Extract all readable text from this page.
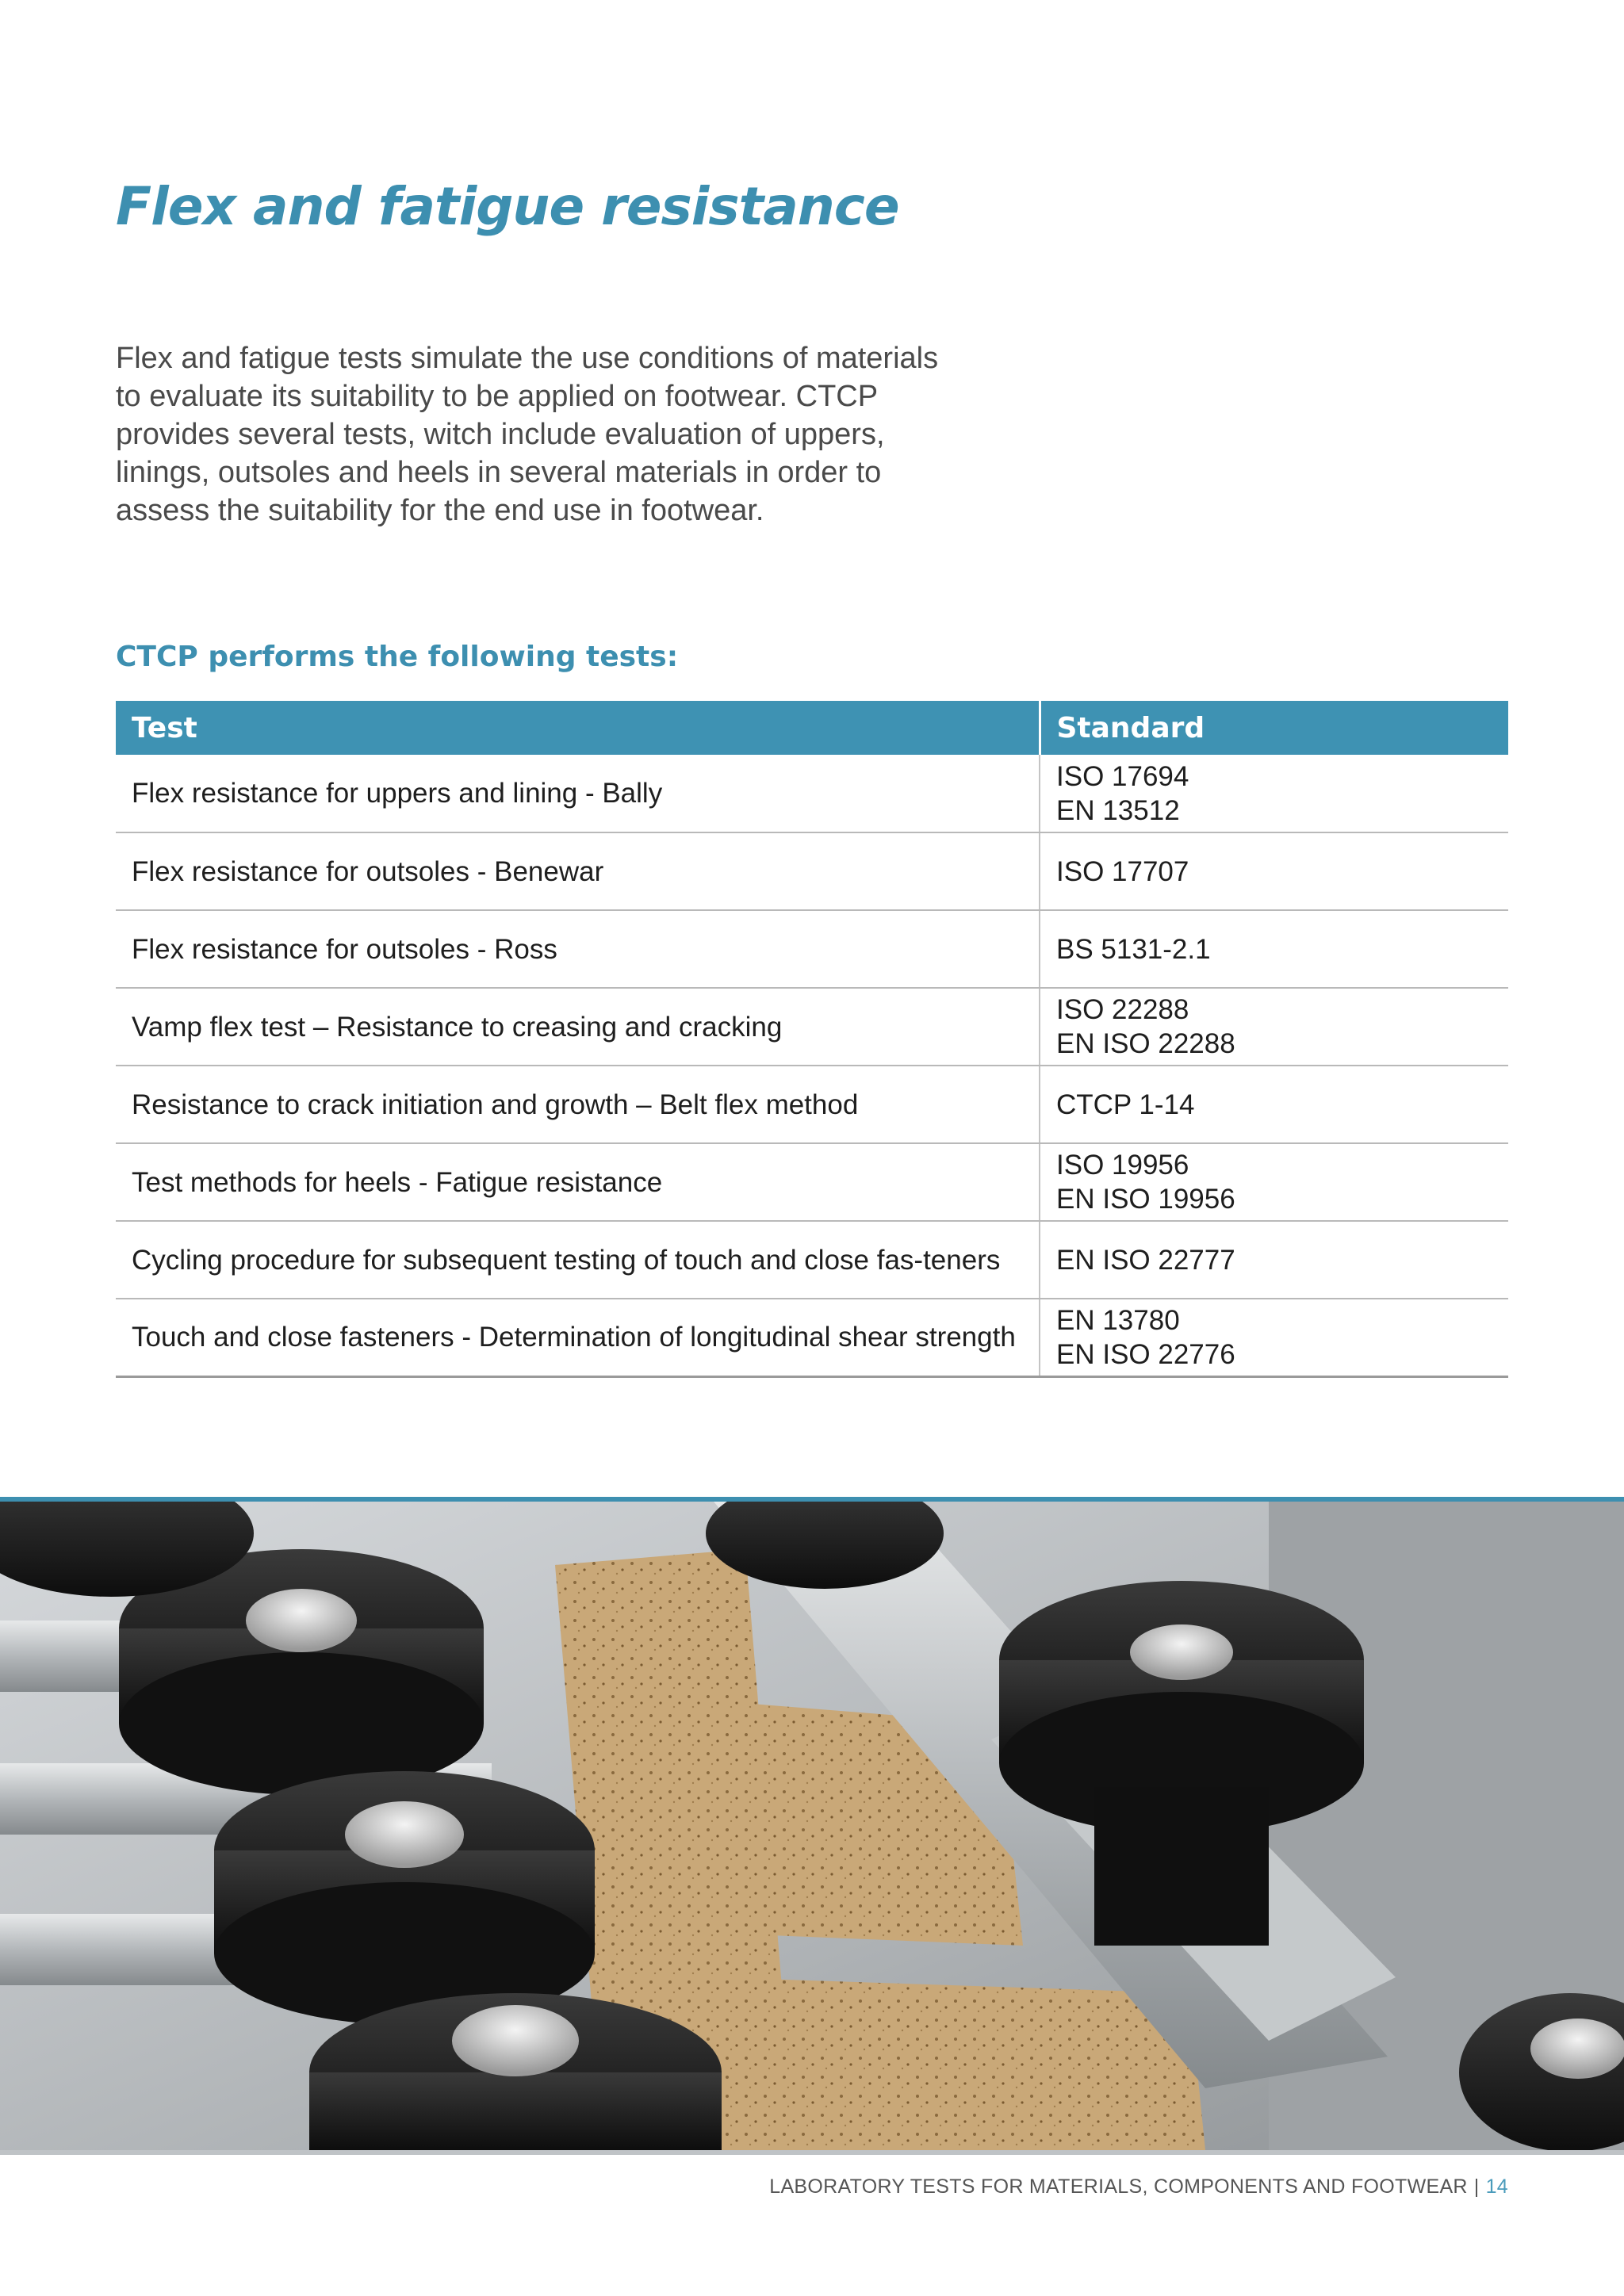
Flex and fatigue resistance
Flex and fatigue tests simulate the use conditions of materials
to evaluate its suitability to be applied on footwear. CTCP
provides several tests, witch include evaluation of uppers,
linings, outsoles and heels in several materials in order to
assess the suitability for the end use in footwear.
CTCP performs the following tests:
Test	Standard
Flex resistance for uppers and lining - Bally	ISO 17694
EN 13512

Flex resistance for outsoles - Benewar	ISO 17707

Flex resistance for outsoles - Ross	BS 5131-2.1

Vamp flex test – Resistance to creasing and cracking	ISO 22288
EN ISO 22288

Resistance to crack initiation and growth – Belt flex method	CTCP 1-14

Test methods for heels - Fatigue resistance	ISO 19956
EN ISO 19956

Cycling procedure for subsequent testing of touch and close fas-teners	EN ISO 22777

Touch and close fasteners - Determination of longitudinal shear strength	EN 13780
EN ISO 22776
LABORATORY TESTS FOR MATERIALS, COMPONENTS AND FOOTWEAR | 14
